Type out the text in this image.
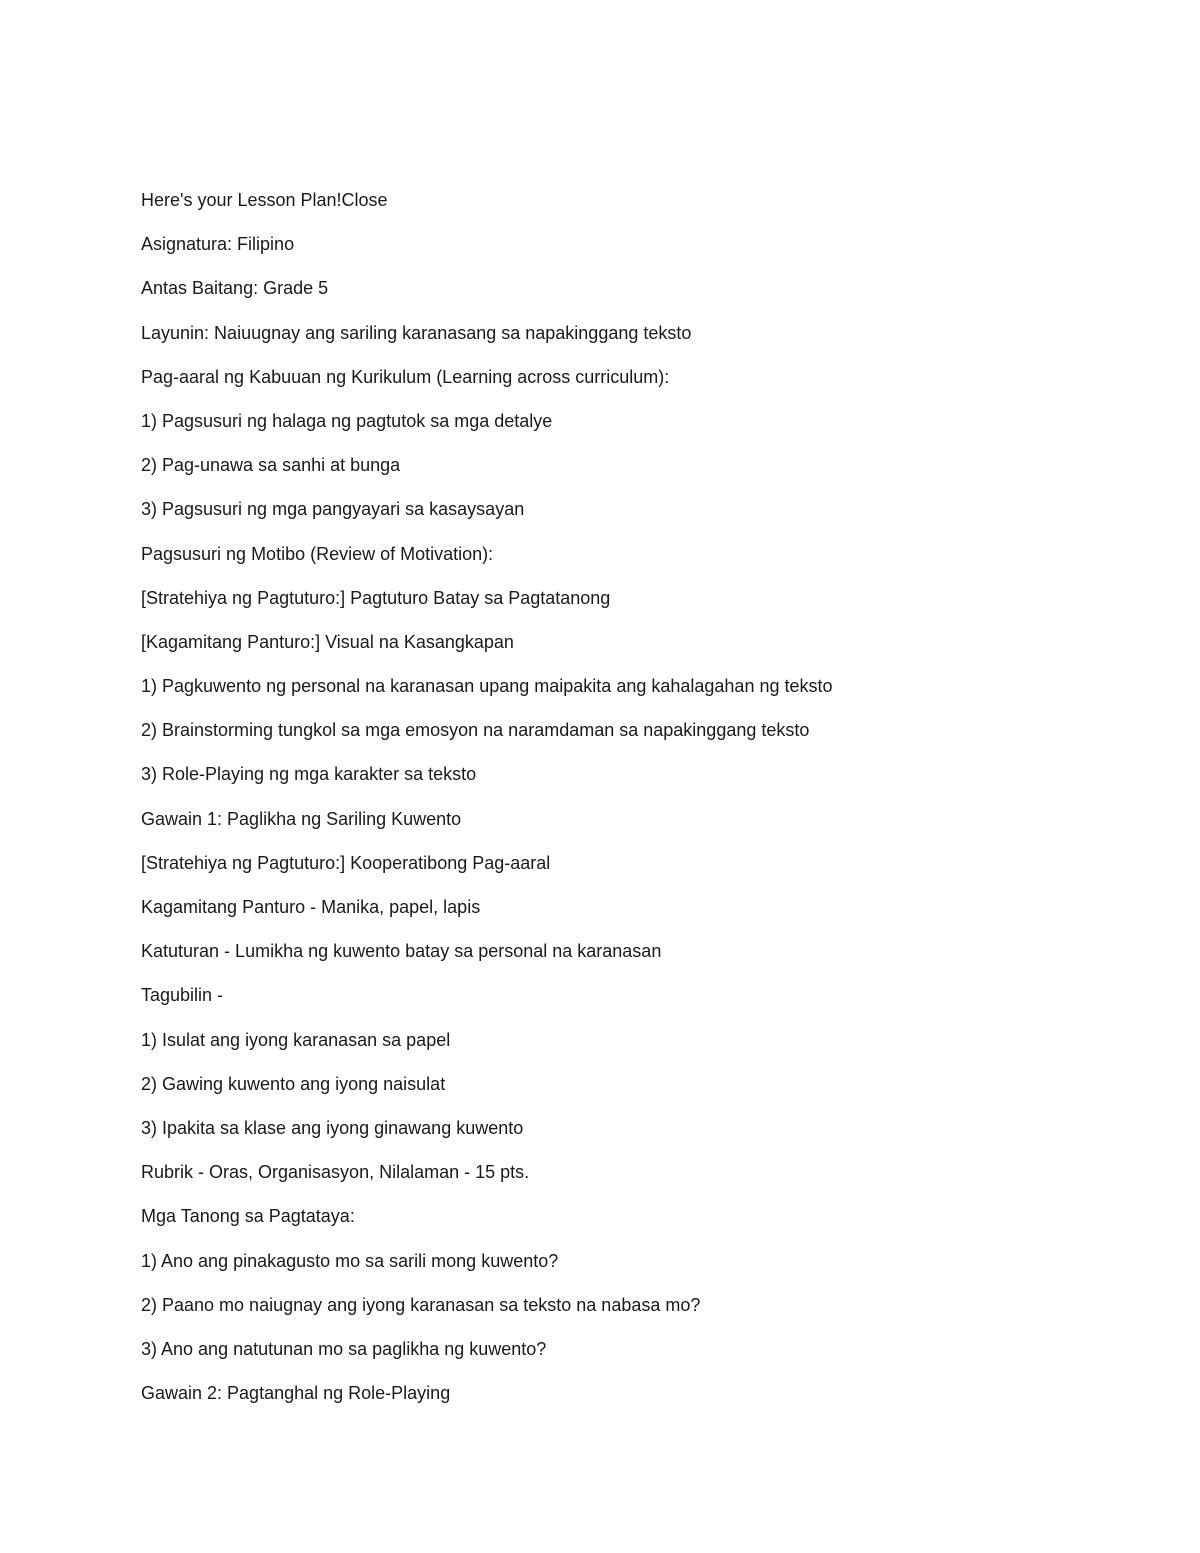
Here's your Lesson Plan!Close
Asignatura: Filipino
Antas Baitang: Grade 5
Layunin: Naiuugnay ang sariling karanasang sa napakinggang teksto
Pag-aaral ng Kabuuan ng Kurikulum (Learning across curriculum):
1) Pagsusuri ng halaga ng pagtutok sa mga detalye
2) Pag-unawa sa sanhi at bunga
3) Pagsusuri ng mga pangyayari sa kasaysayan
Pagsusuri ng Motibo (Review of Motivation):
[Stratehiya ng Pagtuturo:] Pagtuturo Batay sa Pagtatanong
[Kagamitang Panturo:] Visual na Kasangkapan
1) Pagkuwento ng personal na karanasan upang maipakita ang kahalagahan ng teksto
2) Brainstorming tungkol sa mga emosyon na naramdaman sa napakinggang teksto
3) Role-Playing ng mga karakter sa teksto
Gawain 1: Paglikha ng Sariling Kuwento
[Stratehiya ng Pagtuturo:] Kooperatibong Pag-aaral
Kagamitang Panturo - Manika, papel, lapis
Katuturan - Lumikha ng kuwento batay sa personal na karanasan
Tagubilin -
1) Isulat ang iyong karanasan sa papel
2) Gawing kuwento ang iyong naisulat
3) Ipakita sa klase ang iyong ginawang kuwento
Rubrik - Oras, Organisasyon, Nilalaman - 15 pts.
Mga Tanong sa Pagtataya:
1) Ano ang pinakagusto mo sa sarili mong kuwento?
2) Paano mo naiugnay ang iyong karanasan sa teksto na nabasa mo?
3) Ano ang natutunan mo sa paglikha ng kuwento?
Gawain 2: Pagtanghal ng Role-Playing
